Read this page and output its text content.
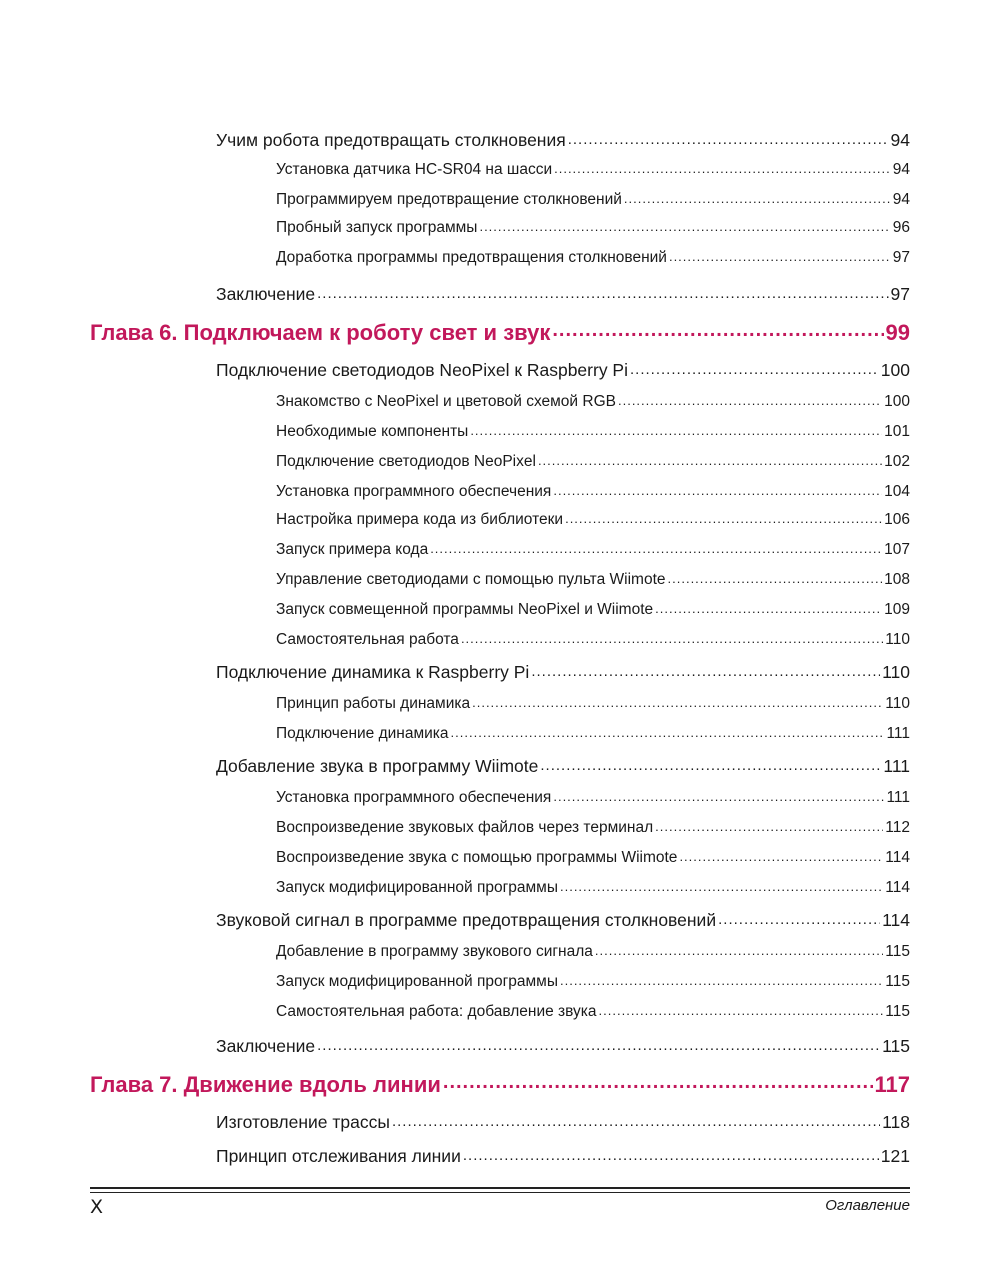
Учим робота предотвращать столкновения .....	94
Установка датчика HC-SR04 на шасси .....	94
Программируем предотвращение столкновений .....	94
Пробный запуск программы .....	96
Доработка программы предотвращения столкновений .....	97
Заключение .....	97
Глава 6. Подключаем к роботу свет и звук .....	99
Подключение светодиодов NeoPixel к Raspberry Pi .....	100
Знакомство с NeoPixel и цветовой схемой RGB .....	100
Необходимые компоненты .....	101
Подключение светодиодов NeoPixel .....	102
Установка программного обеспечения .....	104
Настройка примера кода из библиотеки .....	106
Запуск примера кода .....	107
Управление светодиодами с помощью пульта Wiimote .....	108
Запуск совмещенной программы NeoPixel и Wiimote .....	109
Самостоятельная работа .....	110
Подключение динамика к Raspberry Pi .....	110
Принцип работы динамика .....	110
Подключение динамика .....	111
Добавление звука в программу Wiimote .....	111
Установка программного обеспечения .....	111
Воспроизведение звуковых файлов через терминал .....	112
Воспроизведение звука с помощью программы Wiimote .....	114
Запуск модифицированной программы .....	114
Звуковой сигнал в программе предотвращения столкновений .....	114
Добавление в программу звукового сигнала .....	115
Запуск модифицированной программы .....	115
Самостоятельная работа: добавление звука .....	115
Заключение .....	115
Глава 7. Движение вдоль линии .....	117
Изготовление трассы .....	118
Принцип отслеживания линии .....	121
X	Оглавление
